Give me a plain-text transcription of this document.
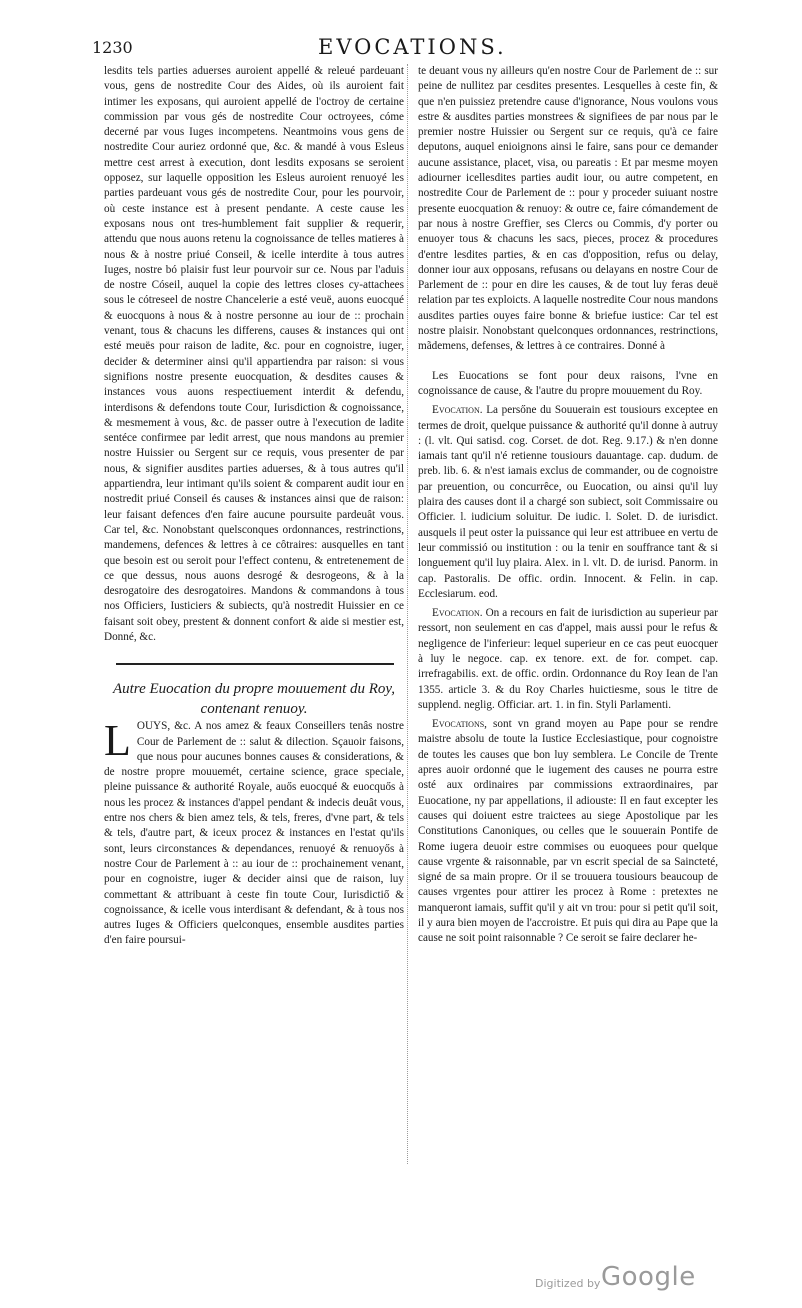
1230	EVOCATIONS.

lesdits tels parties aduerses auroient appellé & releué pardeuant vous, gens de nostredite Cour des Aides, où ils auroient fait intimer les exposans, qui auroient appellé de l'octroy de certaine commission par vous gés de nostredite Cour octroyees, cóme decerné par vous Iuges incompetens. Neantmoins vous gens de nostredite Cour auriez ordonné que, &c. & mandé à vous Esleus mettre cest arrest à execution, dont lesdits exposans se seroient opposez, sur laquelle opposition les Esleus auroient renuoyé les parties pardeuant vous gés de nostredite Cour, pour les pourvoir, où ceste instance est à present pendante. A ceste cause les exposans nous ont tres-humblement fait supplier & requerir, attendu que nous auons retenu la cognoissance de telles matieres à nous & à nostre priué Conseil, & icelle interdite à tous autres Iuges, nostre bó plaisir fust leur pourvoir sur ce. Nous par l'aduis de nostre Cóseil, auquel la copie des lettres closes cy-attachees sous le cótreseel de nostre Chancelerie a esté veuë, auons euocqué & euocquons à nous & à nostre personne au iour de :: prochain venant, tous & chacuns les differens, causes & instances qui ont esté meuës pour raison de ladite, &c. pour en cognoistre, iuger, decider & determiner ainsi qu'il appartiendra par raison: si vous signifions nostre presente euocquation, & desdites causes & instances vous auons respectiuement interdit & defendu, interdisons & defendons toute Cour, Iurisdiction & cognoissance, & mesmement à vous, &c. de passer outre à l'execution de ladite sentéce confirmee par ledit arrest, que nous mandons au premier nostre Huissier ou Sergent sur ce requis, vous presenter de par nous, & signifier ausdites parties aduerses, & à tous autres qu'il appartiendra, leur intimant qu'ils soient & comparent audit iour en nostredit priué Conseil és causes & instances ainsi que de raison: leur faisant defences d'en faire aucune poursuite pardeuât vous. Car tel, &c. Nonobstant quelsconques ordonnances, restrinctions, mandemens, defences & lettres à ce côtraires: ausquelles en tant que besoin est ou seroit pour l'effect contenu, & entretenement de ce que dessus, nous auons desrogé & desrogeons, & à la desrogatoire des desrogatoires. Mandons & commandons à tous nos Officiers, Iusticiers & subiects, qu'à nostredit Huissier en ce faisant soit obey, prestent & donnent confort & aide si mestier est, Donné, &c.

Autre Euocation du propre mouuement du Roy, contenant renuoy.

LOUYS, &c. A nos amez & feaux Conseillers tenâs nostre Cour de Parlement de :: salut & dilection. Sçauoir faisons, que nous pour aucunes bonnes causes & considerations, & de nostre propre mouuemét, certaine science, grace speciale, pleine puissance & authorité Royale, auős euocqué & euocquős à nous les procez & instances d'appel pendant & indecis deuât vous, entre nos chers & bien amez tels, & tels, freres, d'vne part, & tels & tels, d'autre part, & iceux procez & instances en l'estat qu'ils sont, leurs circonstances & dependances, renuoyé & renuoyős à nostre Cour de Parlement à :: au iour de :: prochainement venant, pour en cognoistre, iuger & decider ainsi que de raison, luy commettant & attribuant à ceste fin toute Cour, Iurisdictiő & cognoissance, & icelle vous interdisant & defendant, & à tous nos autres Iuges & Officiers quelconques, ensemble ausdites parties d'en faire poursui-

te deuant vous ny ailleurs qu'en nostre Cour de Parlement de :: sur peine de nullitez par cesdites presentes. Lesquelles à ceste fin, & que n'en puissiez pretendre cause d'ignorance, Nous voulons vous estre & ausdites parties monstrees & signifiees de par nous par le premier nostre Huissier ou Sergent sur ce requis, qu'à ce faire deputons, auquel enioignons ainsi le faire, sans pour ce demander aucune assistance, placet, visa, ou pareatis : Et par mesme moyen adiourner icellesdites parties audit iour, ou autre competent, en nostredite Cour de Parlement de :: pour y proceder suiuant nostre presente euocquation & renuoy: & outre ce, faire cómandement de par nous à nostre Greffier, ses Clercs ou Commis, d'y porter ou enuoyer tous & chacuns les sacs, pieces, procez & procedures d'entre lesdites parties, & en cas d'opposition, refus ou delay, donner iour aux opposans, refusans ou delayans en nostre Cour de Parlement de :: pour en dire les causes, & de tout luy feras deuë relation par tes exploicts. A laquelle nostredite Cour nous mandons ausdites parties ouyes faire bonne & briefue iustice: Car tel est nostre plaisir. Nonobstant quelconques ordonnances, restrinctions, mãdemens, defenses, & lettres à ce contraires. Donné à

Les Euocations se font pour deux raisons, l'vne en cognoissance de cause, & l'autre du propre mouuement du Roy.

Evocation. La persőne du Souuerain est tousiours exceptee en termes de droit, quelque puissance & authorité qu'il donne à autruy : (l. vlt. Qui satisd. cog. Corset. de dot. Reg. 9.17.) & n'en donne iamais tant qu'il n'é retienne tousiours dauantage. cap. dudum. de preb. lib. 6. & n'est iamais exclus de commander, ou de cognoistre par preuention, ou concurrêce, ou Euocation, ou ainsi qu'il luy plaira des causes dont il a chargé son subiect, soit Commissaire ou Officier. l. iudicium soluitur. De iudic. l. Solet. D. de iurisdict. ausquels il peut oster la puissance qui leur est attribuee en vertu de leur commissió ou institution : ou la tenir en souffrance tant & si longuement qu'il luy plaira. Alex. in l. vlt. D. de iurisd. Panorm. in cap. Pastoralis. De offic. ordin. Innocent. & Felin. in cap. Ecclesiarum. eod.

Evocation. On a recours en fait de iurisdiction au superieur par ressort, non seulement en cas d'appel, mais aussi pour le refus & negligence de l'inferieur: lequel superieur en ce cas peut euocquer à luy le negoce. cap. ex tenore. ext. de for. compet. cap. irrefragabilis. ext. de offic. ordin. Ordonnance du Roy Iean de l'an 1355. article 3. & du Roy Charles huictiesme, sous le titre de supplend. neglig. Officiar. art. 1. in fin. Styli Parlamenti.

Evocations, sont vn grand moyen au Pape pour se rendre maistre absolu de toute la Iustice Ecclesiastique, pour cognoistre de toutes les causes que bon luy semblera. Le Concile de Trente apres auoir ordonné que le iugement des causes ne pourra estre osté aux ordinaires par commissions extraordinaires, par Euocatione, ny par appellations, il adiouste: Il en faut excepter les causes qui doiuent estre traictees au siege Apostolique par les Constitutions Canoniques, ou celles que le souuerain Pontife de Rome iugera deuoir estre commises ou euoquees pour quelque cause vrgente & raisonnable, par vn escrit special de sa Saincteté, signé de sa main propre. Or il se trouuera tousiours beaucoup de causes vrgentes pour attirer les procez à Rome : pretextes ne manqueront iamais, suffit qu'il y ait vn trou: pour si petit qu'il soit, il y aura bien moyen de l'accroistre. Et puis qui dira au Pape que la cause ne soit point raisonnable ? Ce seroit se faire declarer he-

Digitized by Google
